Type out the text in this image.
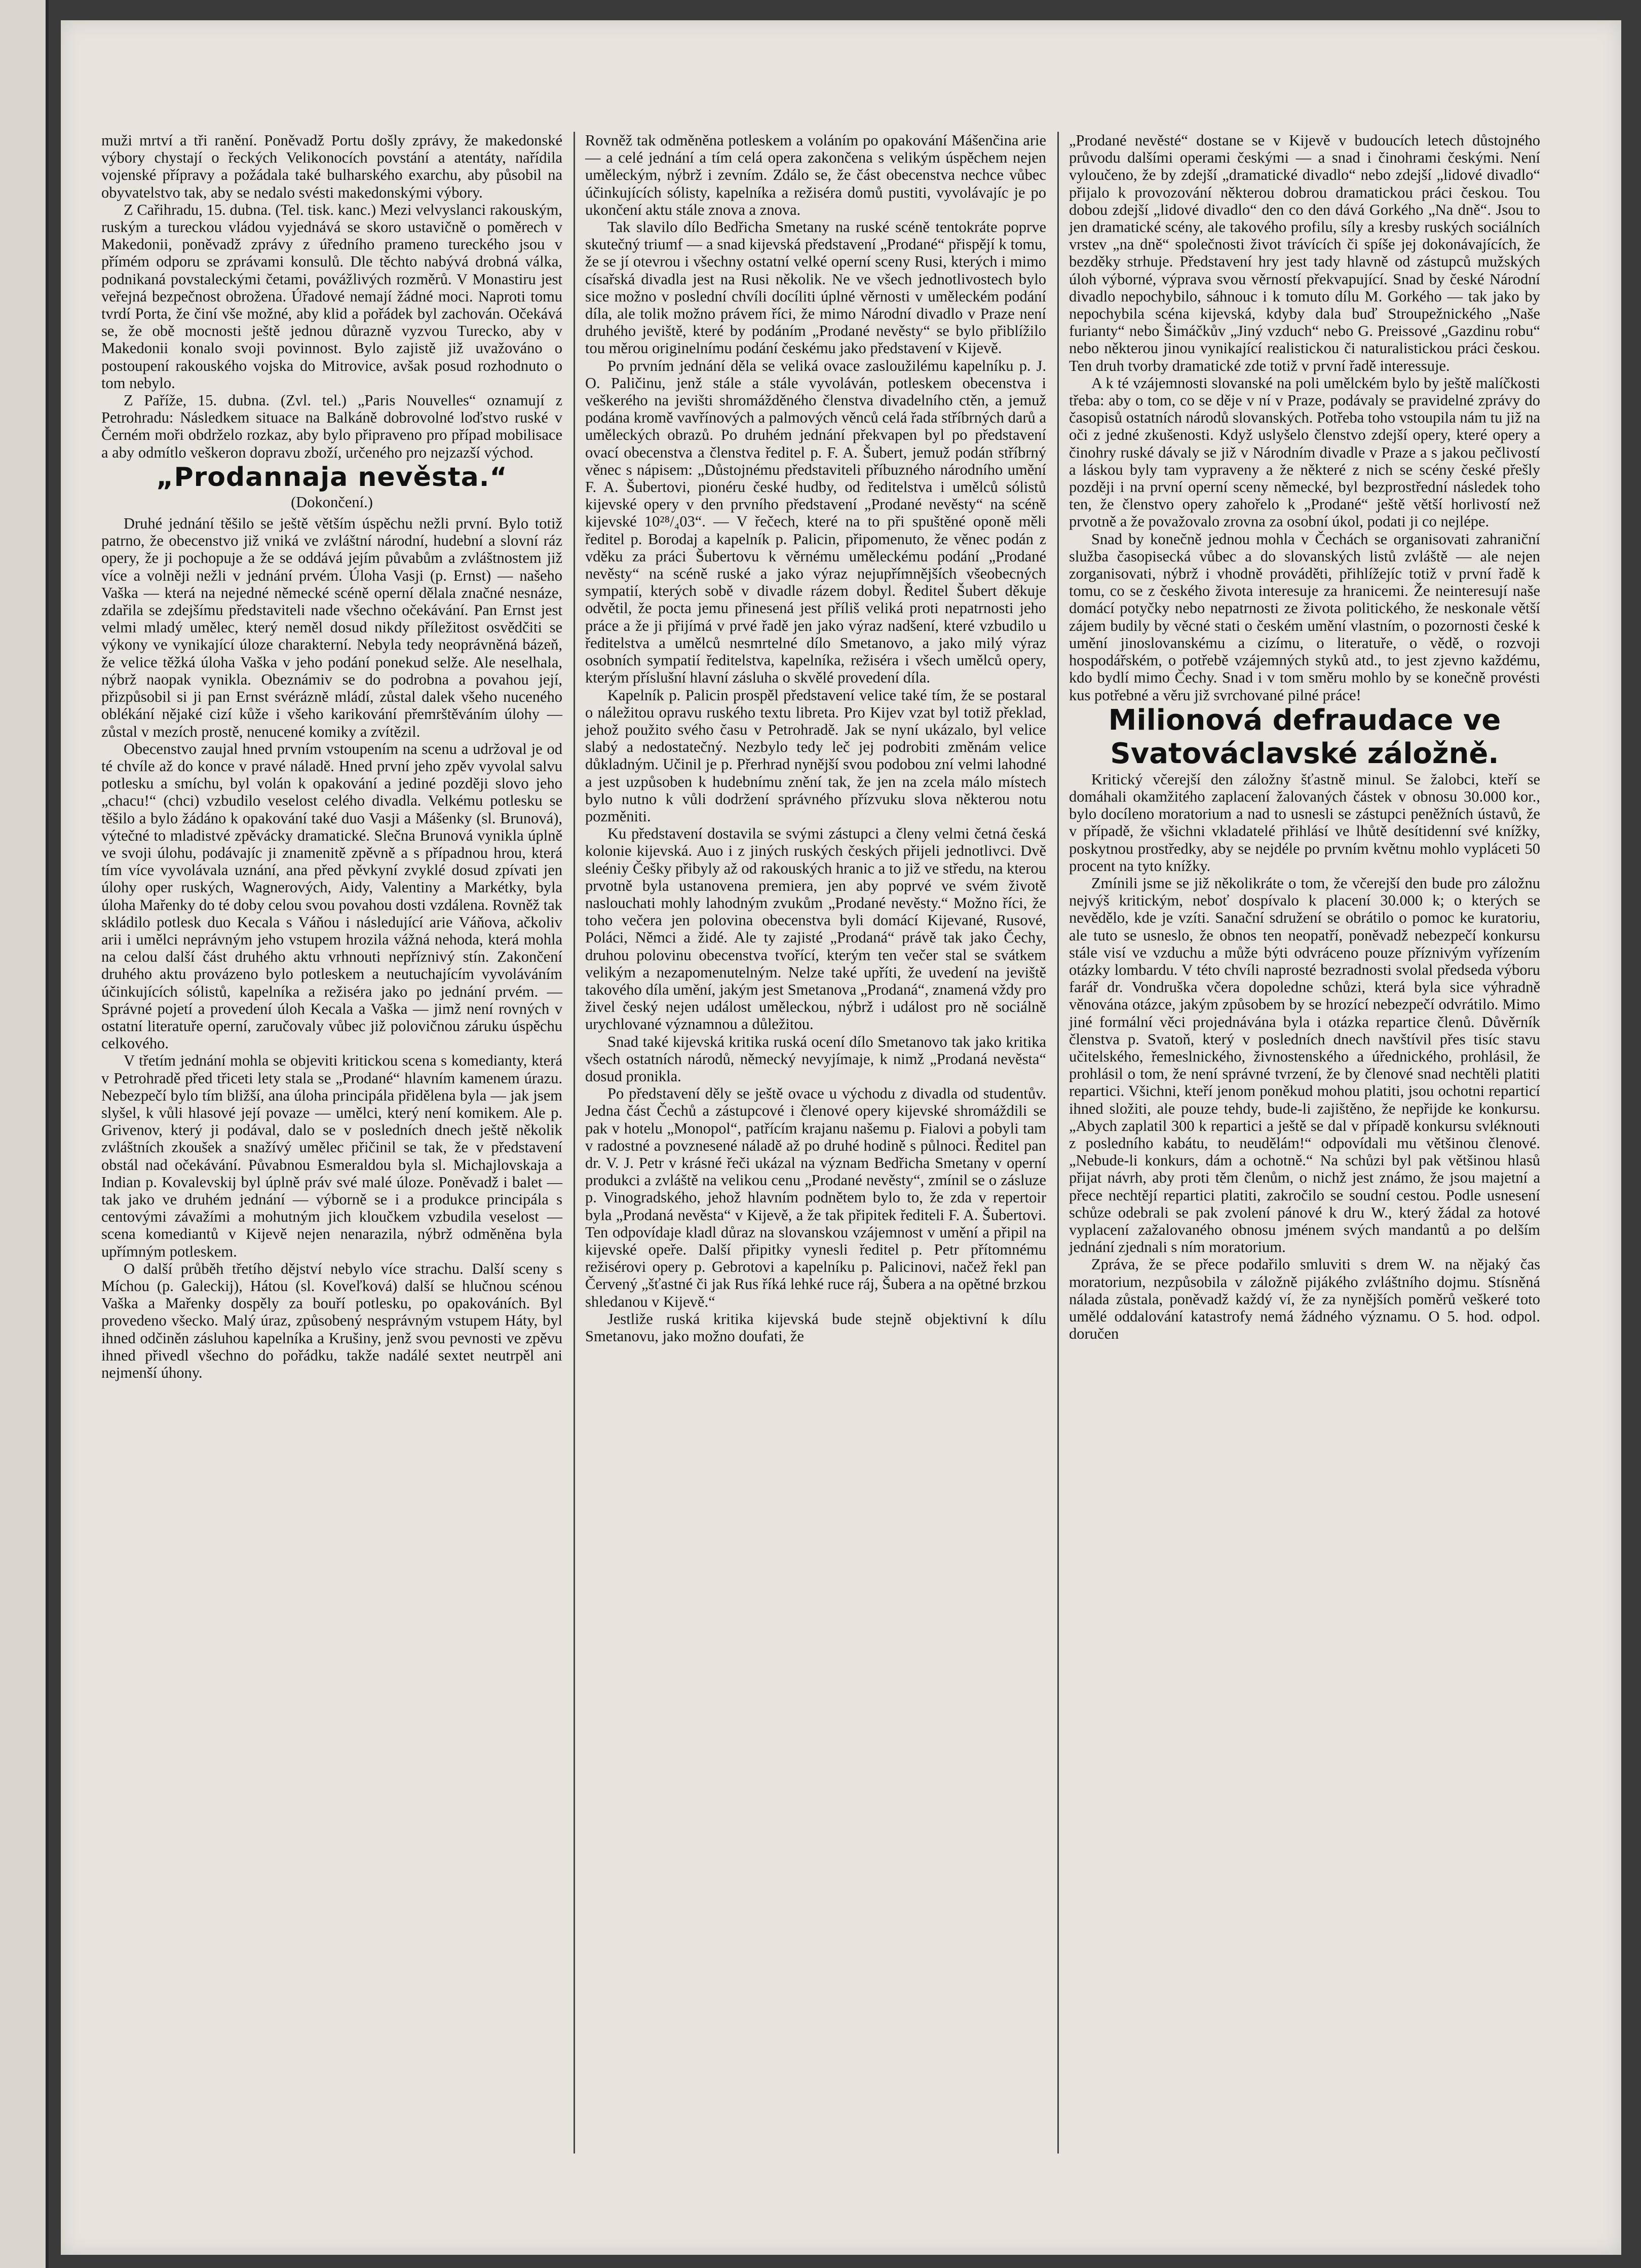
muži mrtví a tři ranění. Poněvadž Portu došly zprávy, že makedonské výbory chystají o řeckých Velikonocích povstání a atentáty, nařídila vojenské přípravy a požádala také bulharského exarchu, aby působil na obyvatelstvo tak, aby se nedalo svésti makedonskými výbory.

Z Cařihradu, 15. dubna. (Tel. tisk. kanc.) Mezi velvyslanci rakouským, ruským a tureckou vládou vyjednává se skoro ustavičně o poměrech v Makedonii, poněvadž zprávy z úředního prameno tureckého jsou v přímém odporu se zprávami konsulů. Dle těchto nabývá drobná válka, podnikaná povstaleckými četami, povážlivých rozměrů. V Monastiru jest veřejná bezpečnost obrožena. Úřadové nemají žádné moci. Naproti tomu tvrdí Porta, že činí vše možné, aby klid a pořádek byl zachován. Očekává se, že obě mocnosti ještě jednou důrazně vyzvou Turecko, aby v Makedonii konalo svoji povinnost. Bylo zajistě již uvažováno o postoupení rakouského vojska do Mitrovice, avšak posud rozhodnuto o tom nebylo.

Z Paříže, 15. dubna. (Zvl. tel.) „Paris Nouvelles“ oznamují z Petrohradu: Následkem situace na Balkáně dobrovolné loďstvo ruské v Černém moři obdrželo rozkaz, aby bylo připraveno pro případ mobilisace a aby odmítlo veškeron dopravu zboží, určeného pro nejzazší východ.

„Prodannaja nevěsta.“

(Dokončení.)

Druhé jednání těšilo se ještě větším úspěchu nežli první. Bylo totiž patrno, že obecenstvo již vniká ve zvláštní národní, hudební a slovní ráz opery, že ji pochopuje a že se oddává jejím půvabům a zvláštnostem již více a volněji nežli v jednání prvém. Úloha Vasji (p. Ernst) — našeho Vaška — která na nejedné německé scéně operní dělala značné nesnáze, zdařila se zdejšímu představiteli nade všechno očekávání. Pan Ernst jest velmi mladý umělec, který neměl dosud nikdy příležitost osvědčiti se výkony ve vynikající úloze charakterní. Nebyla tedy neoprávněná bázeň, že velice těžká úloha Vaška v jeho podání ponekud selže. Ale neselhala, nýbrž naopak vynikla. Obeznámiv se do podrobna a povahou její, přizpůsobil si ji pan Ernst svérázně mládí, zůstal dalek všeho nuceného oblékání nějaké cizí kůže i všeho karikování přemrštěváním úlohy — zůstal v mezích prostě, nenucené komiky a zvítězil.

Obecenstvo zaujal hned prvním vstoupením na scenu a udržoval je od té chvíle až do konce v pravé náladě. Hned první jeho zpěv vyvolal salvu potlesku a smíchu, byl volán k opakování a jediné později slovo jeho „chacu!“ (chci) vzbudilo veselost celého divadla. Velkému potlesku se těšilo a bylo žádáno k opakování také duo Vasji a Mášenky (sl. Brunová), výtečné to mladistvé zpěvácky dramatické. Slečna Brunová vynikla úplně ve svoji úlohu, podávajíc ji znamenitě zpěvně a s případnou hrou, která tím více vyvolávala uznání, ana před pěvkyní zvyklé dosud zpívati jen úlohy oper ruských, Wagnerových, Aidy, Valentiny a Markétky, byla úloha Mařenky do té doby celou svou povahou dosti vzdálena. Rovněž tak skládilo potlesk duo Kecala s Váňou i následující arie Váňova, ačkoliv arii i umělci neprávným jeho vstupem hrozila vážná nehoda, která mohla na celou další část druhého aktu vrhnouti nepříznivý stín. Zakončení druhého aktu provázeno bylo potleskem a neutuchajícím vyvoláváním účinkujících sólistů, kapelníka a režiséra jako po jednání prvém. — Správné pojetí a provedení úloh Kecala a Vaška — jimž není rovných v ostatní literatuře operní, zaručovaly vůbec již polovičnou záruku úspěchu celkového.

V třetím jednání mohla se objeviti kritickou scena s komedianty, která v Petrohradě před třiceti lety stala se „Prodané“ hlavním kamenem úrazu. Nebezpečí bylo tím bližší, ana úloha principála přidělena byla — jak jsem slyšel, k vůli hlasové její povaze — umělci, který není komikem. Ale p. Grivenov, který ji podával, dalo se v posledních dnech ještě několik zvláštních zkoušek a snažívý umělec přičinil se tak, že v představení obstál nad očekávání. Půvabnou Esmeraldou byla sl. Michajlovskaja a Indian p. Kovalevskij byl úplně práv své malé úloze. Poněvadž i balet — tak jako ve druhém jednání — výborně se i a produkce principála s centovými závažími a mohutným jich kloučkem vzbudila veselost — scena komediantů v Kijevě nejen nenarazila, nýbrž odměněna byla upřímným potleskem.

O další průběh třetího dějství nebylo více strachu. Další sceny s Míchou (p. Galeckij), Hátou (sl. Koveľková) další se hlučnou scénou Vaška a Mařenky dospěly za bouří potlesku, po opakováních. Byl provedeno všecko. Malý úraz, způsobený nesprávným vstupem Háty, byl ihned odčiněn zásluhou kapelníka a Krušiny, jenž svou pevnosti ve zpěvu ihned přivedl všechno do pořádku, takže nadálé sextet neutrpěl ani nejmenší úhony.

Rovněž tak odměněna potleskem a voláním po opakování Mášenčina arie — a celé jednání a tím celá opera zakončena s velikým úspěchem nejen uměleckým, nýbrž i zevním. Zdálo se, že část obecenstva nechce vůbec účinkujících sólisty, kapelníka a režiséra domů pustiti, vyvolávajíc je po ukončení aktu stále znova a znova.

Tak slavilo dílo Bedřicha Smetany na ruské scéně tentokráte poprve skutečný triumf — a snad kijevská představení „Prodané“ přispějí k tomu, že se jí otevrou i všechny ostatní velké operní sceny Rusi, kterých i mimo císařská divadla jest na Rusi několik. Ne ve všech jednotlivostech bylo sice možno v poslední chvíli docíliti úplné věrnosti v uměleckém podání díla, ale tolik možno právem říci, že mimo Národní divadlo v Praze není druhého jeviště, které by podáním „Prodané nevěsty“ se bylo přiblížilo tou měrou originelnímu podání českému jako představení v Kijevě.

Po prvním jednání děla se veliká ovace zasloužilému kapelníku p. J. O. Paličinu, jenž stále a stále vyvoláván, potleskem obecenstva i veškerého na jevišti shromážděného členstva divadelního ctěn, a jemuž podána kromě vavřínových a palmových věnců celá řada stříbrných darů a uměleckých obrazů. Po druhém jednání překvapen byl po představení ovací obecenstva a členstva ředitel p. F. A. Šubert, jemuž podán stříbrný věnec s nápisem: „Důstojnému představiteli příbuzného národního umění F. A. Šubertovi, pionéru české hudby, od ředitelstva i umělců sólistů kijevské opery v den prvního představení „Prodané nevěsty“ na scéně kijevské 10²⁸/₄03“. — V řečech, které na to při spuštěné oponě měli ředitel p. Borodaj a kapelník p. Palicin, připomenuto, že věnec podán z vděku za práci Šubertovu k věrnému uměleckému podání „Prodané nevěsty“ na scéně ruské a jako výraz nejupřímnějších všeobecných sympatií, kterých sobě v divadle rázem dobyl. Ředitel Šubert děkuje odvětil, že pocta jemu přinesená jest příliš veliká proti nepatrnosti jeho práce a že ji přijímá v prvé řadě jen jako výraz nadšení, které vzbudilo u ředitelstva a umělců nesmrtelné dílo Smetanovo, a jako milý výraz osobních sympatií ředitelstva, kapelníka, režiséra i všech umělců opery, kterým příslušní hlavní zásluha o skvělé provedení díla.

Kapelník p. Palicin prospěl představení velice také tím, že se postaral o náležitou opravu ruského textu libreta. Pro Kijev vzat byl totiž překlad, jehož použito svého času v Petrohradě. Jak se nyní ukázalo, byl velice slabý a nedostatečný. Nezbylo tedy leč jej podrobiti změnám velice důkladným. Učinil je p. Přerhrad nynější svou podobou zní velmi lahodné a jest uzpůsoben k hudebnímu znění tak, že jen na zcela málo místech bylo nutno k vůli dodržení správného přízvuku slova některou notu pozměniti.

Ku představení dostavila se svými zástupci a členy velmi četná česká kolonie kijevská. Auo i z jiných ruských českých přijeli jednotlivci. Dvě sleéniy Češky přibyly až od rakouských hranic a to již ve středu, na kterou prvotně byla ustanovena premiera, jen aby poprvé ve svém životě naslouchati mohly lahodným zvukům „Prodané nevěsty.“ Možno říci, že toho večera jen polovina obecenstva byli domácí Kijevané, Rusové, Poláci, Němci a židé. Ale ty zajisté „Prodaná“ právě tak jako Čechy, druhou polovinu obecenstva tvořící, kterým ten večer stal se svátkem velikým a nezapomenutelným. Nelze také upříti, že uvedení na jeviště takového díla umění, jakým jest Smetanova „Prodaná“, znamená vždy pro živel český nejen událost uměleckou, nýbrž i událost pro ně sociálně urychlované významnou a důležitou.

Snad také kijevská kritika ruská ocení dílo Smetanovo tak jako kritika všech ostatních národů, německý nevyjímaje, k nimž „Prodaná nevěsta“ dosud pronikla.

Po představení děly se ještě ovace u východu z divadla od studentův. Jedna část Čechů a zástupcové i členové opery kijevské shromáždili se pak v hotelu „Monopol“, patřícím krajanu našemu p. Fialovi a pobyli tam v radostné a povznesené náladě až po druhé hodině s půlnoci. Ředitel pan dr. V. J. Petr v krásné řeči ukázal na význam Bedřicha Smetany v operní produkci a zvláště na velikou cenu „Prodané nevěsty“, zmínil se o zásluze p. Vinogradského, jehož hlavním podnětem bylo to, že zda v repertoir byla „Prodaná nevěsta“ v Kijevě, a že tak připitek řediteli F. A. Šubertovi. Ten odpovídaje kladl důraz na slovanskou vzájemnost v umění a připil na kijevské opeře. Další připitky vynesli ředitel p. Petr přítomnému režisérovi opery p. Gebrotovi a kapelníku p. Palicinovi, načež řekl pan Červený „šťastné či jak Rus říká lehké ruce ráj, Šubera a na opětné brzkou shledanou v Kijevě.“

Jestliže ruská kritika kijevská bude stejně objektivní k dílu Smetanovu, jako možno doufati, že

„Prodané nevěsté“ dostane se v Kijevě v budoucích letech důstojného průvodu dalšími operami českými — a snad i činohrami českými. Není vyloučeno, že by zdejší „dramatické divadlo“ nebo zdejší „lidové divadlo“ přijalo k provozování některou dobrou dramatickou práci českou. Tou dobou zdejší „lidové divadlo“ den co den dává Gorkého „Na dně“. Jsou to jen dramatické scény, ale takového profilu, síly a kresby ruských sociálních vrstev „na dně“ společnosti život trávících či spíše jej dokonávajících, že bezděky strhuje. Představení hry jest tady hlavně od zástupců mužských úloh výborné, výprava svou věrností překvapující. Snad by české Národní divadlo nepochybilo, sáhnouc i k tomuto dílu M. Gorkého — tak jako by nepochybila scéna kijevská, kdyby dala buď Stroupežnického „Naše furianty“ nebo Šimáčkův „Jiný vzduch“ nebo G. Preissové „Gazdinu robu“ nebo některou jinou vynikající realistickou či naturalistickou práci českou. Ten druh tvorby dramatické zde totiž v první řadě interessuje.

A k té vzájemnosti slovanské na poli umělckém bylo by ještě malíčkosti třeba: aby o tom, co se děje v ní v Praze, podávaly se pravidelné zprávy do časopisů ostatních národů slovanských. Potřeba toho vstoupila nám tu již na oči z jedné zkušenosti. Když uslyšelo členstvo zdejší opery, které opery a činohry ruské dávaly se již v Národním divadle v Praze a s jakou pečlivostí a láskou byly tam vypraveny a že některé z nich se scény české přešly později i na první operní sceny německé, byl bezprostřední následek toho ten, že členstvo opery zahořelo k „Prodané“ ještě větší horlivostí než prvotně a že považovalo zrovna za osobní úkol, podati ji co nejlépe.

Snad by konečně jednou mohla v Čechách se organisovati zahraniční služba časopisecká vůbec a do slovanských listů zvláště — ale nejen zorganisovati, nýbrž i vhodně prováděti, přihlížejíc totiž v první řadě k tomu, co se z českého života interesuje za hranicemi. Že neinteresují naše domácí potyčky nebo nepatrnosti ze života politického, že neskonale větší zájem budily by věcné stati o českém umění vlastním, o pozornosti české k umění jinoslovanskému a cizímu, o literatuře, o vědě, o rozvoji hospodářském, o potřebě vzájemných styků atd., to jest zjevno každému, kdo bydlí mimo Čechy. Snad i v tom směru mohlo by se konečně provésti kus potřebné a věru již svrchované pilné práce!

Milionová defraudace ve Svatováclavské záložně.

Kritický včerejší den záložny šťastně minul. Se žalobci, kteří se domáhali okamžitého zaplacení žalovaných částek v obnosu 30.000 kor., bylo docíleno moratorium a nad to usnesli se zástupci peněžních ústavů, že v případě, že všichni vkladatelé přihlásí ve lhůtě desítidenní své knížky, poskytnou prostředky, aby se nejdéle po prvním květnu mohlo vypláceti 50 procent na tyto knížky.

Zmínili jsme se již několikráte o tom, že včerejší den bude pro záložnu nejvýš kritickým, neboť dospívalo k placení 30.000 k; o kterých se nevědělo, kde je vzíti. Sanační sdružení se obrátilo o pomoc ke kuratoriu, ale tuto se usneslo, že obnos ten neopatří, poněvadž nebezpečí konkursu stále visí ve vzduchu a může býti odvráceno pouze příznivým vyřízením otázky lombardu. V této chvíli naprosté bezradnosti svolal předseda výboru farář dr. Vondruška včera dopoledne schůzi, která byla sice výhradně věnována otázce, jakým způsobem by se hrozící nebezpečí odvrátilo. Mimo jiné formální věci projednávána byla i otázka repartice členů. Důvěrník členstva p. Svatoň, který v posledních dnech navštívil přes tisíc stavu učitelského, řemeslnického, živnostenského a úřednického, prohlásil, že prohlásil o tom, že není správné tvrzení, že by členové snad nechtěli platiti repartici. Všichni, kteří jenom poněkud mohou platiti, jsou ochotni reparticí ihned složiti, ale pouze tehdy, bude-li zajištěno, že nepřijde ke konkursu. „Abych zaplatil 300 k repartici a ještě se dal v případě konkursu svléknouti z posledního kabátu, to neudělám!“ odpovídali mu většinou členové. „Nebude-li konkurs, dám a ochotně.“ Na schůzi byl pak většinou hlasů přijat návrh, aby proti těm členům, o nichž jest známo, že jsou majetní a přece nechtějí repartici platiti, zakročilo se soudní cestou. Podle usnesení schůze odebrali se pak zvolení pánové k dru W., který žádal za hotové vyplacení zažalovaného obnosu jménem svých mandantů a po delším jednání zjednali s ním moratorium.

Zpráva, že se přece podařilo smluviti s drem W. na nějaký čas moratorium, nezpůsobila v záložně pijákého zvláštního dojmu. Stísněná nálada zůstala, poněvadž každý ví, že za nynějších poměrů veškeré toto umělé oddalování katastrofy nemá žádného významu. O 5. hod. odpol. doručen
